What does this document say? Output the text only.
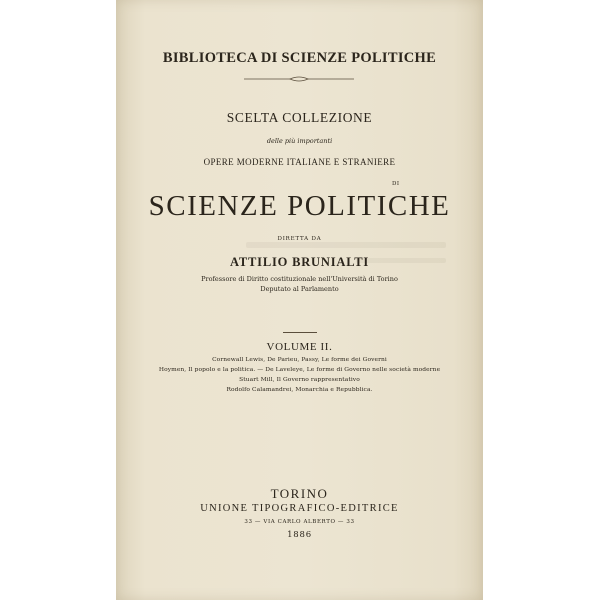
BIBLIOTECA DI SCIENZE POLITICHE
SCELTA COLLEZIONE
delle più importanti
OPERE MODERNE ITALIANE E STRANIERE
DI
SCIENZE POLITICHE
DIRETTA DA
ATTILIO BRUNIALTI
Professore di Diritto costituzionale nell'Università di Torino
Deputato al Parlamento
VOLUME II.
Cornewall Lewis, De Parieu, Passy, Le forme dei Governi
Hoymen, Il popolo e la politica. — De Laveleye, Le forme di Governo nelle società moderne
Stuart Mill, Il Governo rappresentativo
Rodolfo Calamandrei, Monarchia e Repubblica.
TORINO
UNIONE TIPOGRAFICO-EDITRICE
33 — VIA CARLO ALBERTO — 33
1886
